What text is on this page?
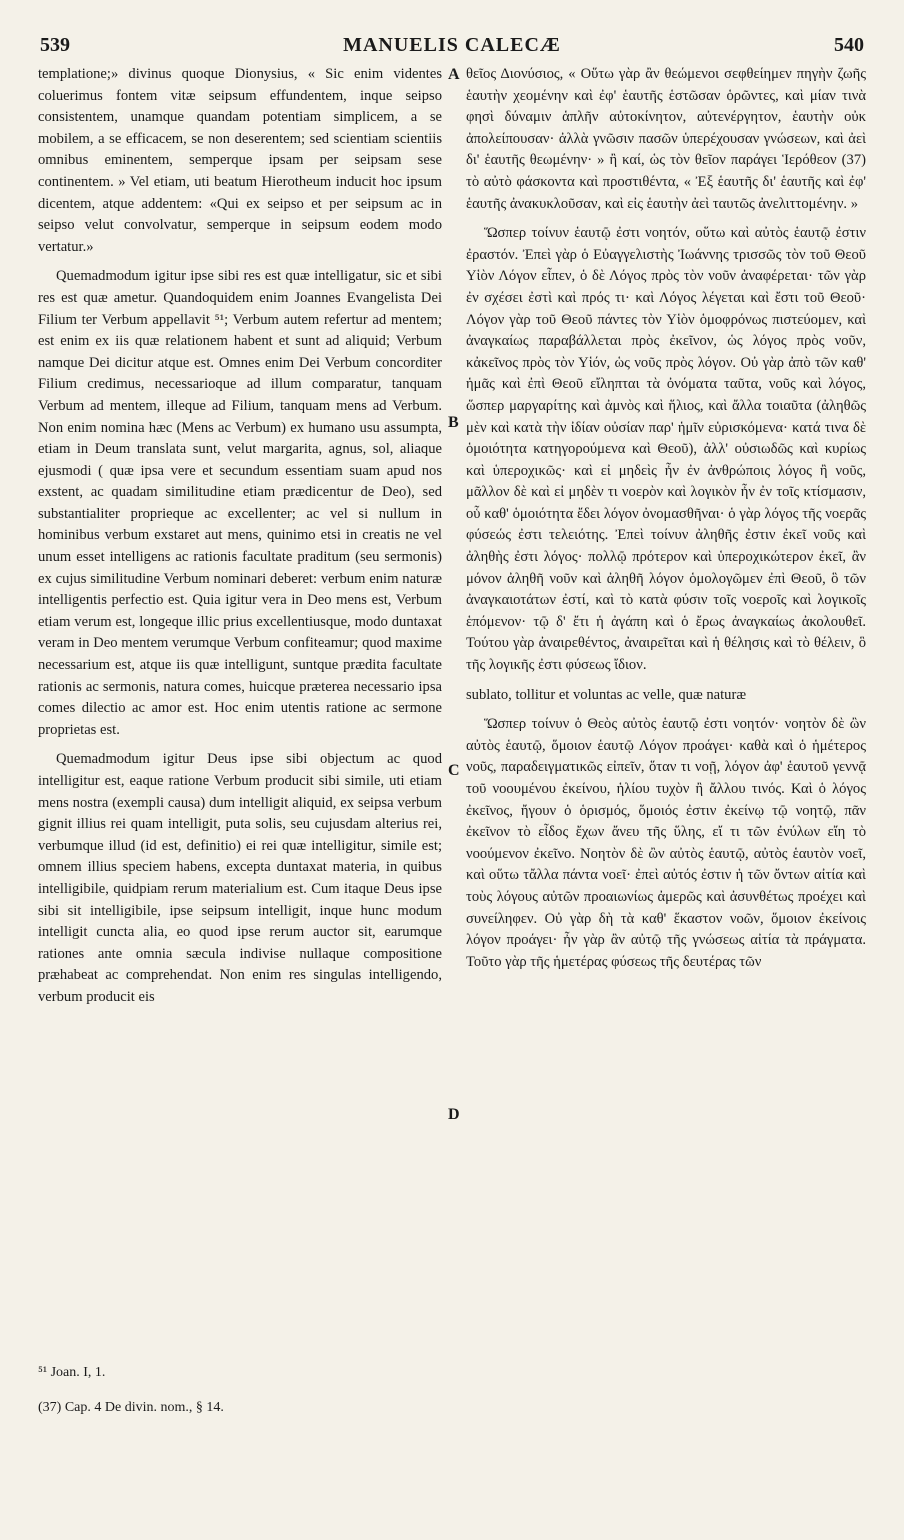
539	MANUELIS CALECÆ	540
A
B
C
D

templatione;» divinus quoque Dionysius, « Sic enim videntes coluerimus fontem vitæ seipsum effundentem, inque seipso consistentem, unamque quandam potentiam simplicem, a se mobilem, a se efficacem, se non deserentem; sed scientiam scientiis omnibus eminentem, semperque ipsam per seipsam sese continentem. » Vel etiam, uti beatum Hierotheum inducit hoc ipsum dicentem, atque addentem: «Qui ex seipso et per seipsum ac in seipso velut convolvatur, semperque in seipsum eodem modo vertatur.»

Quemadmodum igitur ipse sibi res est quæ intelligatur, sic et sibi res est quæ ametur. Quandoquidem enim Joannes Evangelista Dei Filium ter Verbum appellavit ⁵¹; Verbum autem refertur ad mentem; est enim ex iis quæ relationem habent et sunt ad aliquid; Verbum namque Dei dicitur atque est. Omnes enim Dei Verbum concorditer Filium credimus, necessarioque ad illum comparatur, tanquam Verbum ad mentem, illeque ad Filium, tanquam mens ad Verbum. Non enim nomina hæc (Mens ac Verbum) ex humano usu assumpta, etiam in Deum translata sunt, velut margarita, agnus, sol, aliaque ejusmodi ( quæ ipsa vere et secundum essentiam suam apud nos exstent, ac quadam similitudine etiam prædicentur de Deo), sed substantialiter proprieque ac excellenter; ac vel si nullum in hominibus verbum exstaret aut mens, quinimo etsi in creatis ne vel unum esset intelligens ac rationis facultate praditum (seu sermonis) ex cujus similitudine Verbum nominari deberet: verbum enim naturæ intelligentis perfectio est. Quia igitur vera in Deo mens est, Verbum etiam verum est, longeque illic prius excellentiusque, modo duntaxat veram in Deo mentem verumque Verbum confiteamur; quod maxime necessarium est, atque iis quæ intelligunt, suntque prædita facultate rationis ac sermonis, natura comes, huicque præterea necessario ipsa comes dilectio ac amor est. Hoc enim utentis ratione ac sermone proprietas est.

Quemadmodum igitur Deus ipse sibi objectum ac quod intelligitur est, eaque ratione Verbum producit sibi simile, uti etiam mens nostra (exempli causa) dum intelligit aliquid, ex seipsa verbum gignit illius rei quam intelligit, puta solis, seu cujusdam alterius rei, verbumque illud (id est, definitio) ei rei quæ intelligitur, simile est; omnem illius speciem habens, excepta duntaxat materia, in quibus intelligibile, quidpiam rerum materialium est. Cum itaque Deus ipse sibi sit intelligibile, ipse seipsum intelligit, inque hunc modum intelligit cuncta alia, eo quod ipse rerum auctor sit, earumque rationes ante omnia sæcula indivise nullaque compositione præhabeat ac comprehendat. Non enim res singulas intelligendo, verbum producit eis

θεῖος Διονύσιος, « Οὕτω γὰρ ἂν θεώμενοι σεφθείημεν πηγὴν ζωῆς ἑαυτὴν χεομένην καὶ ἐφ' ἑαυτῆς ἑστῶσαν ὁρῶντες, καὶ μίαν τινὰ φησὶ δύναμιν ἁπλῆν αὐτοκίνητον, αὐτενέργητον, ἑαυτὴν οὐκ ἀπολείπουσαν· ἀλλὰ γνῶσιν πασῶν ὑπερέχουσαν γνώσεων, καὶ ἀεὶ δι' ἑαυτῆς θεωμένην· » ἢ καί, ὡς τὸν θεῖον παράγει Ἱερόθεον (37) τὸ αὐτὸ φάσκοντα καὶ προστιθέντα, « Ἐξ ἑαυτῆς δι' ἑαυτῆς καὶ ἐφ' ἑαυτῆς ἀνακυκλοῦσαν, καὶ εἰς ἑαυτὴν ἀεὶ ταυτῶς ἀνελιττομένην. »

Ὥσπερ τοίνυν ἑαυτῷ ἐστι νοητόν, οὕτω καὶ αὐτὸς ἑαυτῷ ἐστιν ἐραστόν. Ἐπεὶ γὰρ ὁ Εὐαγγελιστὴς Ἰωάννης τρισσῶς τὸν τοῦ Θεοῦ Υἱὸν Λόγον εἶπεν, ὁ δὲ Λόγος πρὸς τὸν νοῦν ἀναφέρεται· τῶν γὰρ ἐν σχέσει ἐστὶ καὶ πρός τι· καὶ Λόγος λέγεται καὶ ἔστι τοῦ Θεοῦ· Λόγον γὰρ τοῦ Θεοῦ πάντες τὸν Υἱὸν ὁμοφρόνως πιστεύομεν, καὶ ἀναγκαίως παραβάλλεται πρὸς ἐκεῖνον, ὡς λόγος πρὸς νοῦν, κἀκεῖνος πρὸς τὸν Υἱόν, ὡς νοῦς πρὸς λόγον. Οὐ γὰρ ἀπὸ τῶν καθ' ἡμᾶς καὶ ἐπὶ Θεοῦ εἴληπται τὰ ὀνόματα ταῦτα, νοῦς καὶ λόγος, ὥσπερ μαργαρίτης καὶ ἀμνὸς καὶ ἥλιος, καὶ ἄλλα τοιαῦτα (ἀληθῶς μὲν καὶ κατὰ τὴν ἰδίαν οὐσίαν παρ' ἡμῖν εὑρισκόμενα· κατά τινα δὲ ὁμοιότητα κατηγορούμενα καὶ Θεοῦ), ἀλλ' οὐσιωδῶς καὶ κυρίως καὶ ὑπεροχικῶς· καὶ εἰ μηδεὶς ἦν ἐν ἀνθρώποις λόγος ἢ νοῦς, μᾶλλον δὲ καὶ εἰ μηδὲν τι νοερὸν καὶ λογικὸν ἦν ἐν τοῖς κτίσμασιν, οὗ καθ' ὁμοιότητα ἔδει λόγον ὀνομασθῆναι· ὁ γὰρ λόγος τῆς νοερᾶς φύσεώς ἐστι τελειότης. Ἐπεὶ τοίνυν ἀληθῆς ἐστιν ἐκεῖ νοῦς καὶ ἀληθὴς ἐστι λόγος· πολλῷ πρότερον καὶ ὑπεροχικώτερον ἐκεῖ, ἂν μόνον ἀληθῆ νοῦν καὶ ἀληθῆ λόγον ὁμολογῶμεν ἐπὶ Θεοῦ, ὃ τῶν ἀναγκαιοτάτων ἐστί, καὶ τὸ κατὰ φύσιν τοῖς νοεροῖς καὶ λογικοῖς ἑπόμενον· τῷ δ' ἔτι ἡ ἀγάπη καὶ ὁ ἔρως ἀναγκαίως ἀκολουθεῖ. Τούτου γὰρ ἀναιρεθέντος, ἀναιρεῖται καὶ ἡ θέλησις καὶ τὸ θέλειν, ὃ τῆς λογικῆς ἐστι φύσεως ἴδιον.

sublato, tollitur et voluntas ac velle, quæ naturæ

Ὥσπερ τοίνυν ὁ Θεὸς αὐτὸς ἑαυτῷ ἐστι νοητόν· νοητὸν δὲ ὢν αὐτὸς ἑαυτῷ, ὅμοιον ἑαυτῷ Λόγον προάγει· καθὰ καὶ ὁ ἡμέτερος νοῦς, παραδειγματικῶς εἰπεῖν, ὅταν τι νοῇ, λόγον ἀφ' ἑαυτοῦ γεννᾷ τοῦ νοουμένου ἐκείνου, ἡλίου τυχὸν ἢ ἄλλου τινός. Καὶ ὁ λόγος ἐκεῖνος, ἤγουν ὁ ὁρισμός, ὅμοιός ἐστιν ἐκείνῳ τῷ νοητῷ, πᾶν ἐκεῖνον τὸ εἶδος ἔχων ἄνευ τῆς ὕλης, εἴ τι τῶν ἐνύλων εἴη τὸ νοούμενον ἐκεῖνο. Νοητὸν δὲ ὢν αὐτὸς ἑαυτῷ, αὐτὸς ἑαυτὸν νοεῖ, καὶ οὕτω τἄλλα πάντα νοεῖ· ἐπεὶ αὐτός ἐστιν ἡ τῶν ὄντων αἰτία καὶ τοὺς λόγους αὐτῶν προαιωνίως ἀμερῶς καὶ ἀσυνθέτως προέχει καὶ συνείληφεν. Οὐ γὰρ δὴ τὰ καθ' ἕκαστον νοῶν, ὅμοιον ἐκείνοις λόγον προάγει· ἦν γὰρ ἂν αὐτῷ τῆς γνώσεως αἰτία τὰ πράγματα. Τοῦτο γὰρ τῆς ἡμετέρας φύσεως τῆς δευτέρας τῶν

⁵¹ Joan. I, 1.
(37) Cap. 4 De divin. nom., § 14.
